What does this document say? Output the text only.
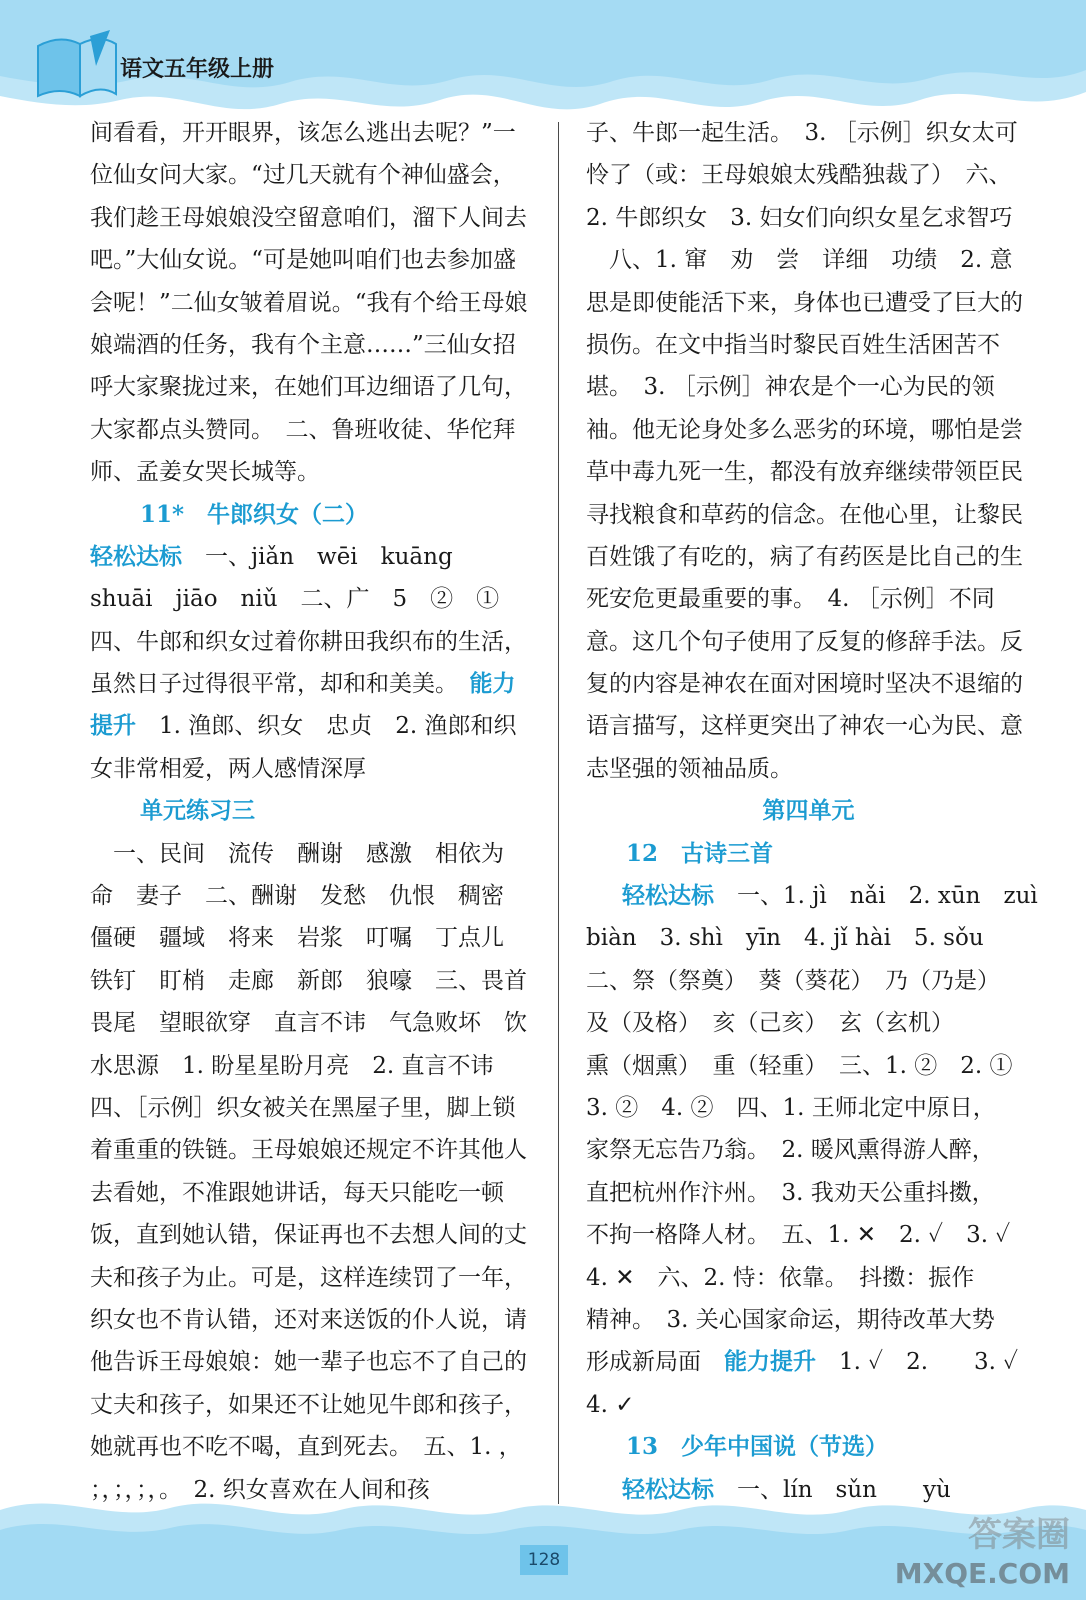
语文五年级上册
间看看，开开眼界，该怎么逃出去呢？”一
位仙女问大家。“过几天就有个神仙盛会，
我们趁王母娘娘没空留意咱们，溜下人间去
吧。”大仙女说。“可是她叫咱们也去参加盛
会呢！”二仙女皱着眉说。“我有个给王母娘
娘端酒的任务，我有个主意……”三仙女招
呼大家聚拢过来，在她们耳边细语了几句，
大家都点头赞同。　二、鲁班收徒、华佗拜
师、孟姜女哭长城等。
11*　牛郎织女（二）
轻松达标　一、jiǎn　wēi　kuāng
shuāi　jiāo　niǔ　二、广　5　②　①
四、牛郎和织女过着你耕田我织布的生活，
虽然日子过得很平常，却和和美美。　能力
提升　1. 渔郎、织女　忠贞　2. 渔郎和织
女非常相爱，两人感情深厚
单元练习三
　一、民间　流传　酬谢　感激　相依为
命　妻子　二、酬谢　发愁　仇恨　稠密
僵硬　疆域　将来　岩浆　叮嘱　丁点儿
铁钉　盯梢　走廊　新郎　狼嚎　三、畏首
畏尾　望眼欲穿　直言不讳　气急败坏　饮
水思源　1. 盼星星盼月亮　2. 直言不讳
四、［示例］织女被关在黑屋子里，脚上锁
着重重的铁链。王母娘娘还规定不许其他人
去看她，不准跟她讲话，每天只能吃一顿
饭，直到她认错，保证再也不去想人间的丈
夫和孩子为止。可是，这样连续罚了一年，
织女也不肯认错，还对来送饭的仆人说，请
他告诉王母娘娘：她一辈子也忘不了自己的
丈夫和孩子，如果还不让她见牛郎和孩子，
她就再也不吃不喝，直到死去。　五、1. ，
；，；，；，。　2. 织女喜欢在人间和孩
子、牛郎一起生活。　3. ［示例］织女太可
怜了（或：王母娘娘太残酷独裁了）　六、
2. 牛郎织女　3. 妇女们向织女星乞求智巧
　八、1. 窜　劝　尝　详细　功绩　2. 意
思是即使能活下来，身体也已遭受了巨大的
损伤。在文中指当时黎民百姓生活困苦不
堪。　3. ［示例］神农是个一心为民的领
袖。他无论身处多么恶劣的环境，哪怕是尝
草中毒九死一生，都没有放弃继续带领臣民
寻找粮食和草药的信念。在他心里，让黎民
百姓饿了有吃的，病了有药医是比自己的生
死安危更最重要的事。　4. ［示例］不同
意。这几个句子使用了反复的修辞手法。反
复的内容是神农在面对困境时坚决不退缩的
语言描写，这样更突出了神农一心为民、意
志坚强的领袖品质。
第四单元
12　古诗三首
轻松达标　一、1. jì　nǎi　2. xūn　zuì
biàn　3. shì　yīn　4. jǐ hài　5. sǒu
二、祭（祭奠）　葵（葵花）　乃（乃是）
及（及格）　亥（己亥）　玄（玄机）
熏（烟熏）　重（轻重）　三、1. ②　2. ①
3. ②　4. ②　四、1. 王师北定中原日，
家祭无忘告乃翁。　2. 暖风熏得游人醉，
直把杭州作汴州。　3. 我劝天公重抖擞，
不拘一格降人材。　五、1. ✕　2. ✓　3. ✓
4. ✕　六、2. 恃：依靠。　抖擞：振作
精神。　3. 关心国家命运，期待改革大势
形成新局面　能力提升　1. ✓　2.　　3. ✓
4. ✓
13　少年中国说（节选）
轻松达标　一、lín　sǔn　　yù
128
答案圈
MXQE.COM
